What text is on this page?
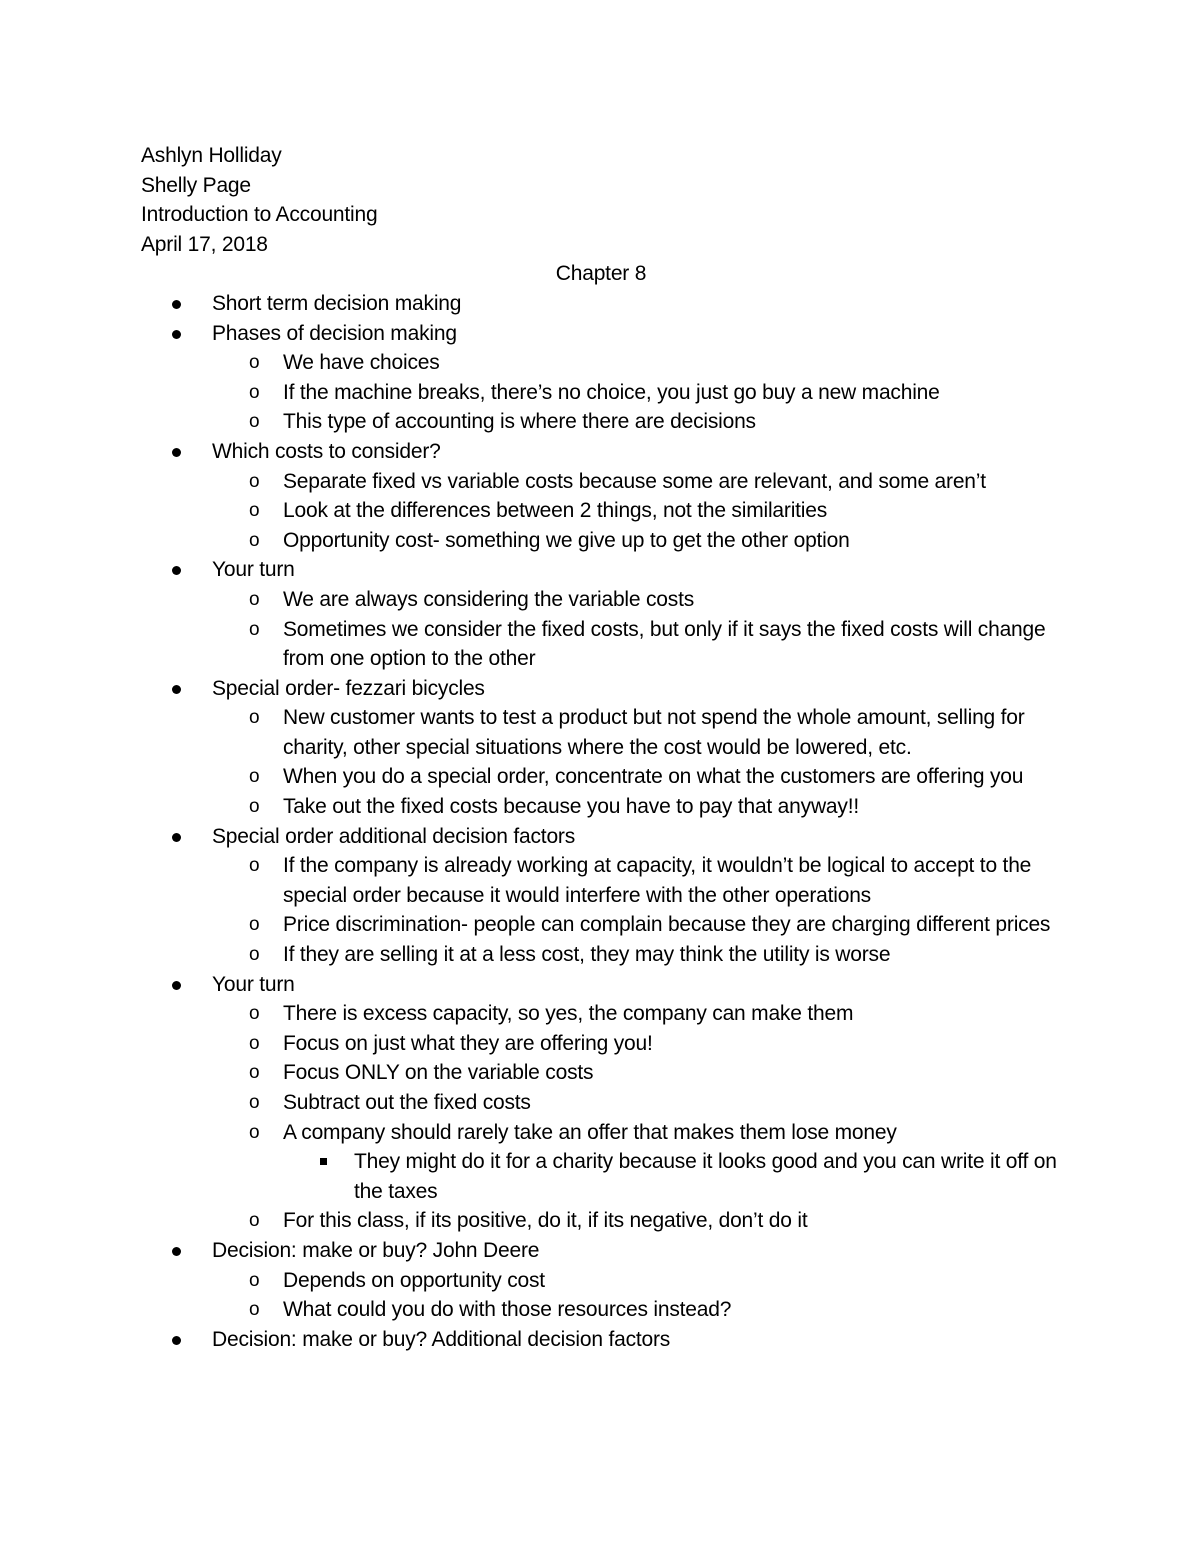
Ashlyn Holliday

Shelly Page

Introduction to Accounting

April 17, 2018

Chapter 8

Short term decision making
Phases of decision making
o We have choices
o If the machine breaks, there’s no choice, you just go buy a new machine
o This type of accounting is where there are decisions
Which costs to consider?
o Separate fixed vs variable costs because some are relevant, and some aren’t
o Look at the differences between 2 things, not the similarities
o Opportunity cost- something we give up to get the other option
Your turn
o We are always considering the variable costs
o Sometimes we consider the fixed costs, but only if it says the fixed costs will change from one option to the other
Special order- fezzari bicycles
o New customer wants to test a product but not spend the whole amount, selling for charity, other special situations where the cost would be lowered, etc.
o When you do a special order, concentrate on what the customers are offering you
o Take out the fixed costs because you have to pay that anyway!!
Special order additional decision factors
o If the company is already working at capacity, it wouldn’t be logical to accept to the special order because it would interfere with the other operations
o Price discrimination- people can complain because they are charging different prices
o If they are selling it at a less cost, they may think the utility is worse
Your turn
o There is excess capacity, so yes, the company can make them
o Focus on just what they are offering you!
o Focus ONLY on the variable costs
o Subtract out the fixed costs
o A company should rarely take an offer that makes them lose money
They might do it for a charity because it looks good and you can write it off on the taxes
o For this class, if its positive, do it, if its negative, don’t do it
Decision: make or buy? John Deere
o Depends on opportunity cost
o What could you do with those resources instead?
Decision: make or buy? Additional decision factors
